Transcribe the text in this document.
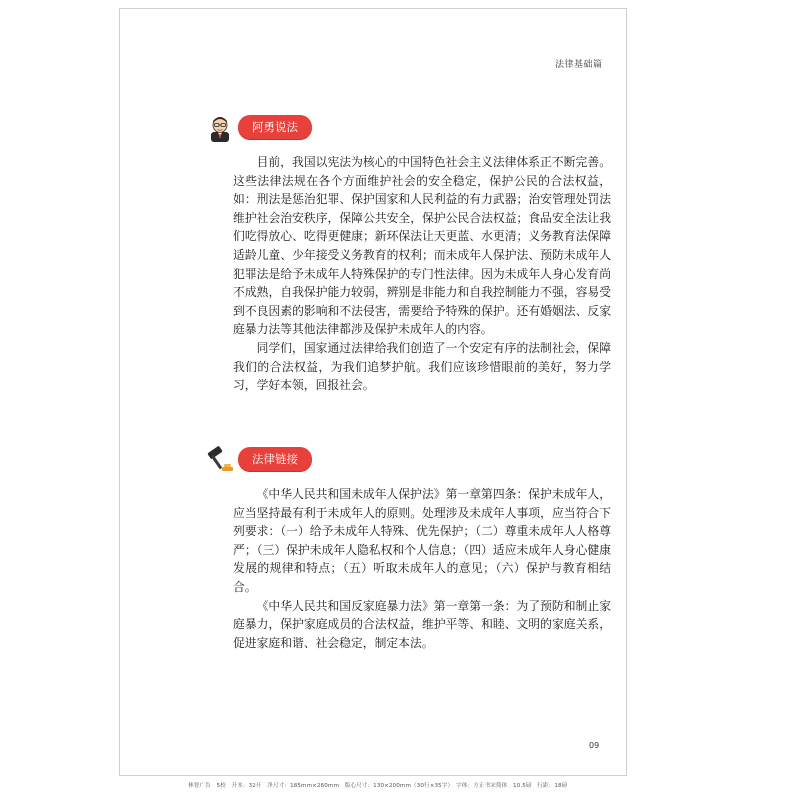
法律基础篇
阿勇说法

目前，我国以宪法为核心的中国特色社会主义法律体系正不断完善。这些法律法规在各个方面维护社会的安全稳定，保护公民的合法权益，如：刑法是惩治犯罪、保护国家和人民利益的有力武器；治安管理处罚法维护社会治安秩序，保障公共安全，保护公民合法权益；食品安全法让我们吃得放心、吃得更健康；新环保法让天更蓝、水更清；义务教育法保障适龄儿童、少年接受义务教育的权利；而未成年人保护法、预防未成年人犯罪法是给予未成年人特殊保护的专门性法律。因为未成年人身心发育尚不成熟，自我保护能力较弱，辨别是非能力和自我控制能力不强，容易受到不良因素的影响和不法侵害，需要给予特殊的保护。还有婚姻法、反家庭暴力法等其他法律都涉及保护未成年人的内容。

同学们，国家通过法律给我们创造了一个安定有序的法制社会，保障我们的合法权益，为我们追梦护航。我们应该珍惜眼前的美好，努力学习，学好本领，回报社会。

法律链接

《中华人民共和国未成年人保护法》第一章第四条：保护未成年人，应当坚持最有利于未成年人的原则。处理涉及未成年人事项，应当符合下列要求：（一）给予未成年人特殊、优先保护；（二）尊重未成年人人格尊严；（三）保护未成年人隐私权和个人信息；（四）适应未成年人身心健康发展的规律和特点；（五）听取未成年人的意见；（六）保护与教育相结合。

《中华人民共和国反家庭暴力法》第一章第一条：为了预防和制止家庭暴力，保护家庭成员的合法权益，维护平等、和睦、文明的家庭关系，促进家庭和谐、社会稳定，制定本法。

09
林智广告　5校　开本：32开　净尺寸：185mm×260mm　版心尺寸：130×200mm（30行×35字）　字体：方正书宋简体　10.5磅　行距：18磅
